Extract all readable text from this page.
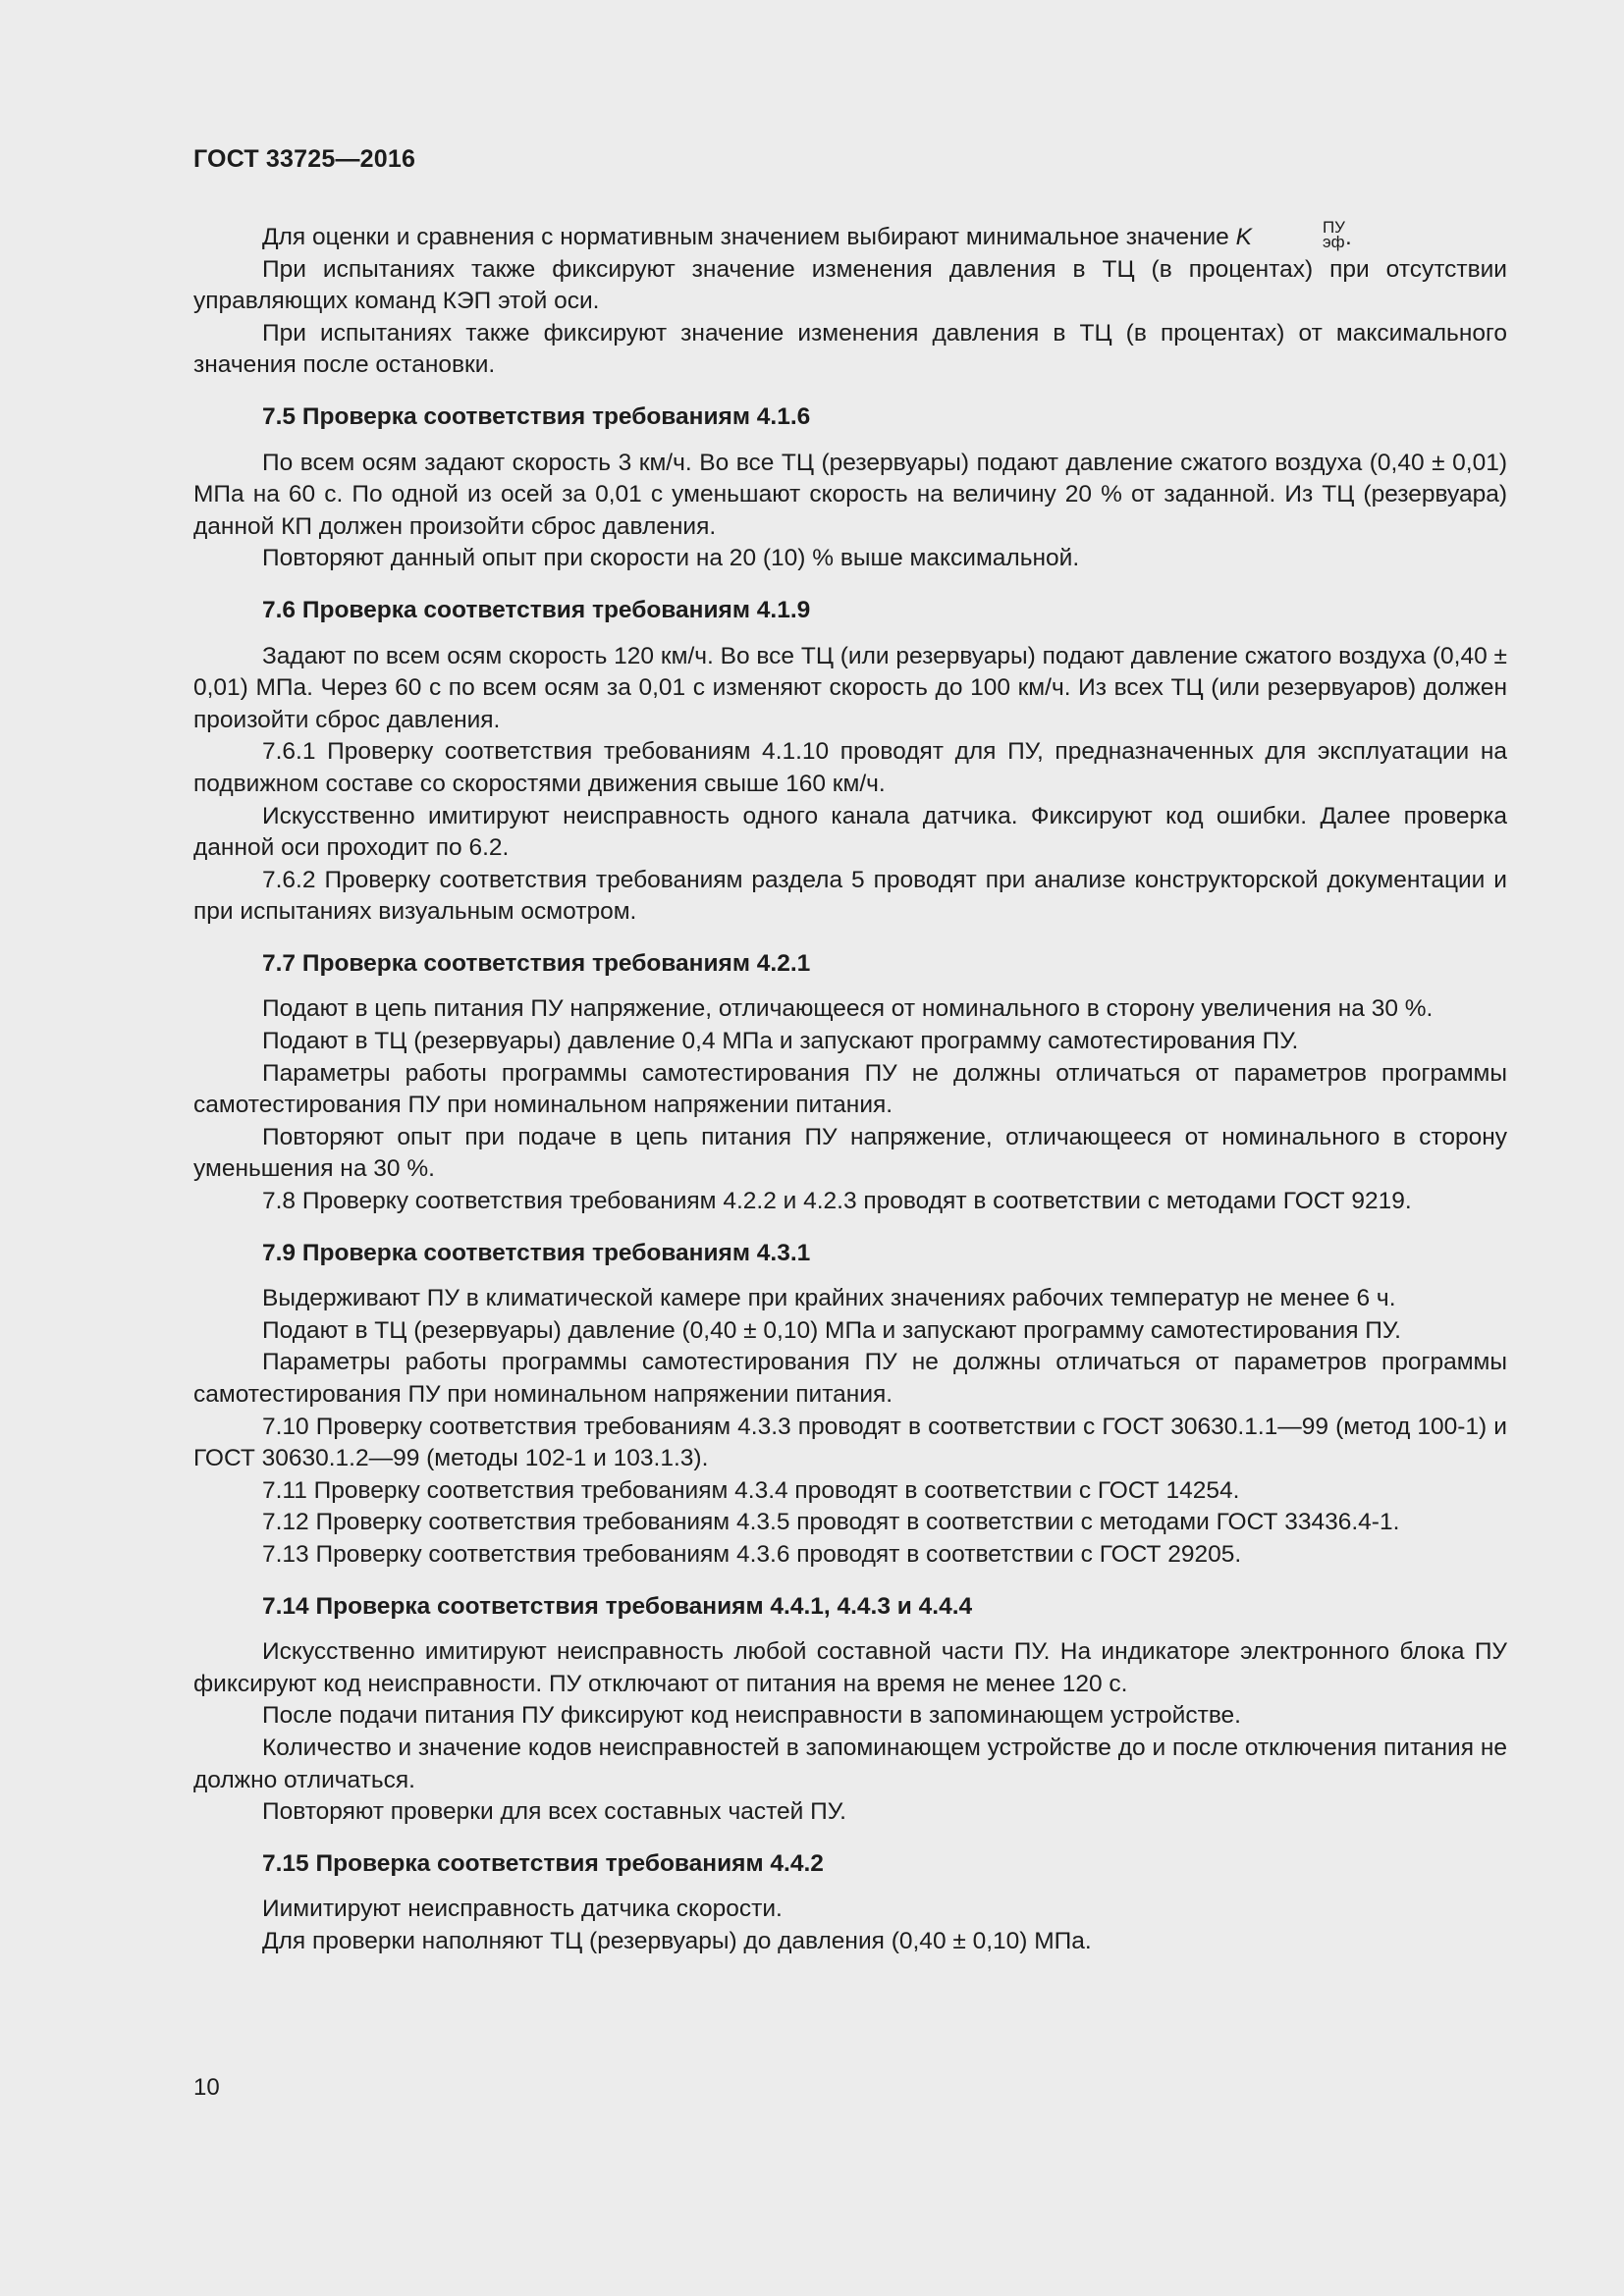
ГОСТ 33725—2016

Для оценки и сравнения с нормативным значением выбирают минимальное значение K	ПУ
эф .

При испытаниях также фиксируют значение изменения давления в ТЦ (в процентах) при отсутствии управляющих команд КЭП этой оси.

При испытаниях также фиксируют значение изменения давления в ТЦ (в процентах) от максимального значения после остановки.

7.5 Проверка соответствия требованиям 4.1.6

По всем осям задают скорость 3 км/ч. Во все ТЦ (резервуары) подают давление сжатого воздуха (0,40 ± 0,01) МПа на 60 с. По одной из осей за 0,01 с уменьшают скорость на величину 20 % от заданной. Из ТЦ (резервуара) данной КП должен произойти сброс давления.

Повторяют данный опыт при скорости на 20 (10) % выше максимальной.

7.6 Проверка соответствия требованиям 4.1.9

Задают по всем осям скорость 120 км/ч. Во все ТЦ (или резервуары) подают давление сжатого воздуха (0,40 ± 0,01) МПа. Через 60 с по всем осям за 0,01 с изменяют скорость до 100 км/ч. Из всех ТЦ (или резервуаров) должен произойти сброс давления.

7.6.1 Проверку соответствия требованиям 4.1.10 проводят для ПУ, предназначенных для эксплуатации на подвижном составе со скоростями движения свыше 160 км/ч.

Искусственно имитируют неисправность одного канала датчика. Фиксируют код ошибки. Далее проверка данной оси проходит по 6.2.

7.6.2 Проверку соответствия требованиям раздела 5 проводят при анализе конструкторской документации и при испытаниях визуальным осмотром.

7.7 Проверка соответствия требованиям 4.2.1

Подают в цепь питания ПУ напряжение, отличающееся от номинального в сторону увеличения на 30 %.

Подают в ТЦ (резервуары) давление 0,4 МПа и запускают программу самотестирования ПУ.

Параметры работы программы самотестирования ПУ не должны отличаться от параметров программы самотестирования ПУ при номинальном напряжении питания.

Повторяют опыт при подаче в цепь питания ПУ напряжение, отличающееся от номинального в сторону уменьшения на 30 %.

7.8 Проверку соответствия требованиям 4.2.2 и 4.2.3 проводят в соответствии с методами ГОСТ 9219.

7.9 Проверка соответствия требованиям 4.3.1

Выдерживают ПУ в климатической камере при крайних значениях рабочих температур не менее 6 ч.

Подают в ТЦ (резервуары) давление (0,40 ± 0,10) МПа и запускают программу самотестирования ПУ.

Параметры работы программы самотестирования ПУ не должны отличаться от параметров программы самотестирования ПУ при номинальном напряжении питания.

7.10 Проверку соответствия требованиям 4.3.3 проводят в соответствии с ГОСТ 30630.1.1—99 (метод 100-1) и ГОСТ 30630.1.2—99 (методы 102-1 и 103.1.3).

7.11 Проверку соответствия требованиям 4.3.4 проводят в соответствии с ГОСТ 14254.

7.12 Проверку соответствия требованиям 4.3.5 проводят в соответствии с методами ГОСТ 33436.4-1.

7.13 Проверку соответствия требованиям 4.3.6 проводят в соответствии с ГОСТ 29205.

7.14 Проверка соответствия требованиям 4.4.1, 4.4.3 и 4.4.4

Искусственно имитируют неисправность любой составной части ПУ. На индикаторе электронного блока ПУ фиксируют код неисправности. ПУ отключают от питания на время не менее 120 с.

После подачи питания ПУ фиксируют код неисправности в запоминающем устройстве.

Количество и значение кодов неисправностей в запоминающем устройстве до и после отключения питания не должно отличаться.

Повторяют проверки для всех составных частей ПУ.

7.15 Проверка соответствия требованиям 4.4.2

Иимитируют неисправность датчика скорости.

Для проверки наполняют ТЦ (резервуары) до давления (0,40 ± 0,10) МПа.

10
